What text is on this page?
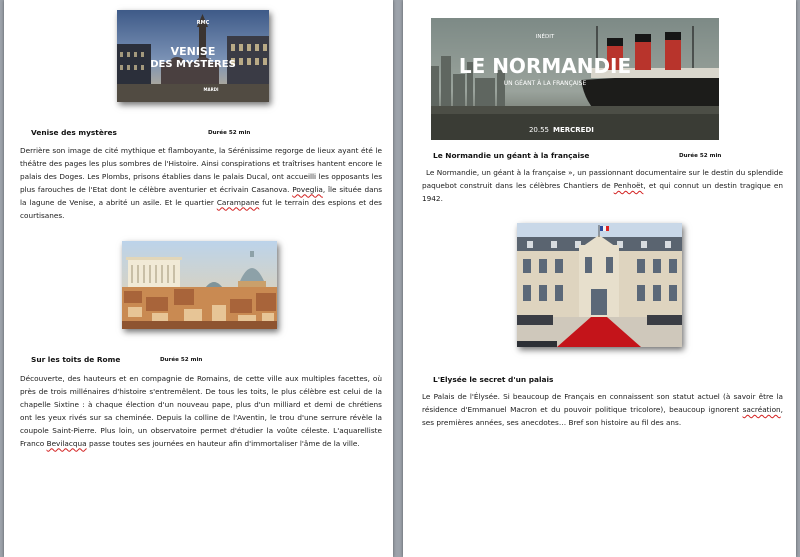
RMC
VENISE
DES MYSTÈRES
MARDI
Venise des mystères	Durée 52 min

Derrière son image de cité mythique et flamboyante, la Sérénissime regorge de lieux ayant été le théâtre des pages les plus sombres de l'Histoire. Ainsi conspirations et traîtrises hantent encore le palais des Doges. Les Plombs, prisons établies dans le palais Ducal, ont accueilli les opposants les plus farouches de l'Etat dont le célèbre aventurier et écrivain Casanova. Poveglia, île située dans la lagune de Venise, a abrité un asile. Et le quartier Carampane fut le terrain des espions et des courtisanes.

Sur les toits de Rome	Durée 52 min

Découverte, des hauteurs et en compagnie de Romains, de cette ville aux multiples facettes, où près de trois millénaires d'histoire s'entremêlent. De tous les toits, le plus célèbre est celui de la chapelle Sixtine : à chaque élection d'un nouveau pape, plus d'un milliard et demi de chrétiens ont les yeux rivés sur sa cheminée. Depuis la colline de l'Aventin, le trou d'une serrure révèle la coupole Saint-Pierre. Plus loin, un observatoire permet d'étudier la voûte céleste. L'aquarelliste Franco Bevilacqua passe toutes ses journées en hauteur afin d'immortaliser l'âme de la ville.

INÉDIT
LE NORMANDIE
UN GÉANT À LA FRANÇAISE
20.55 MERCREDI
Le Normandie un géant à la française	Durée 52 min

Le Normandie, un géant à la française », un passionnant documentaire sur le destin du splendide paquebot construit dans les célèbres Chantiers de Penhoët, et qui connut un destin tragique en 1942.

L'Elysée le secret d'un palais

Le Palais de l'Élysée. Si beaucoup de Français en connaissent son statut actuel (à savoir être la résidence d'Emmanuel Macron et du pouvoir politique tricolore), beaucoup ignorent sacréation, ses premières années, ses anecdotes… Bref son histoire au fil des ans.
